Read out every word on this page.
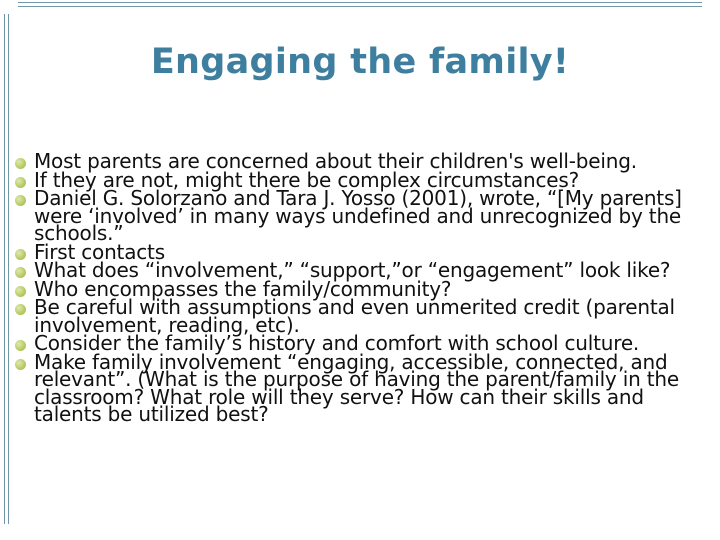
Engaging the family!
Most parents are concerned about their children's well-being.
If they are not, might there be complex circumstances?
Daniel G. Solorzano and Tara J. Yosso (2001), wrote, “[My parents] were ‘involved’ in many ways undefined and unrecognized by the schools.”
First contacts
What does “involvement,” “support,”or “engagement” look like?
Who encompasses the family/community?
Be careful with assumptions and even unmerited credit (parental involvement, reading, etc).
Consider the family’s history and comfort with school culture.
Make family involvement “engaging, accessible, connected, and relevant”. (What is the purpose of having the parent/family in the classroom? What role will they serve? How can their skills and talents be utilized best?
